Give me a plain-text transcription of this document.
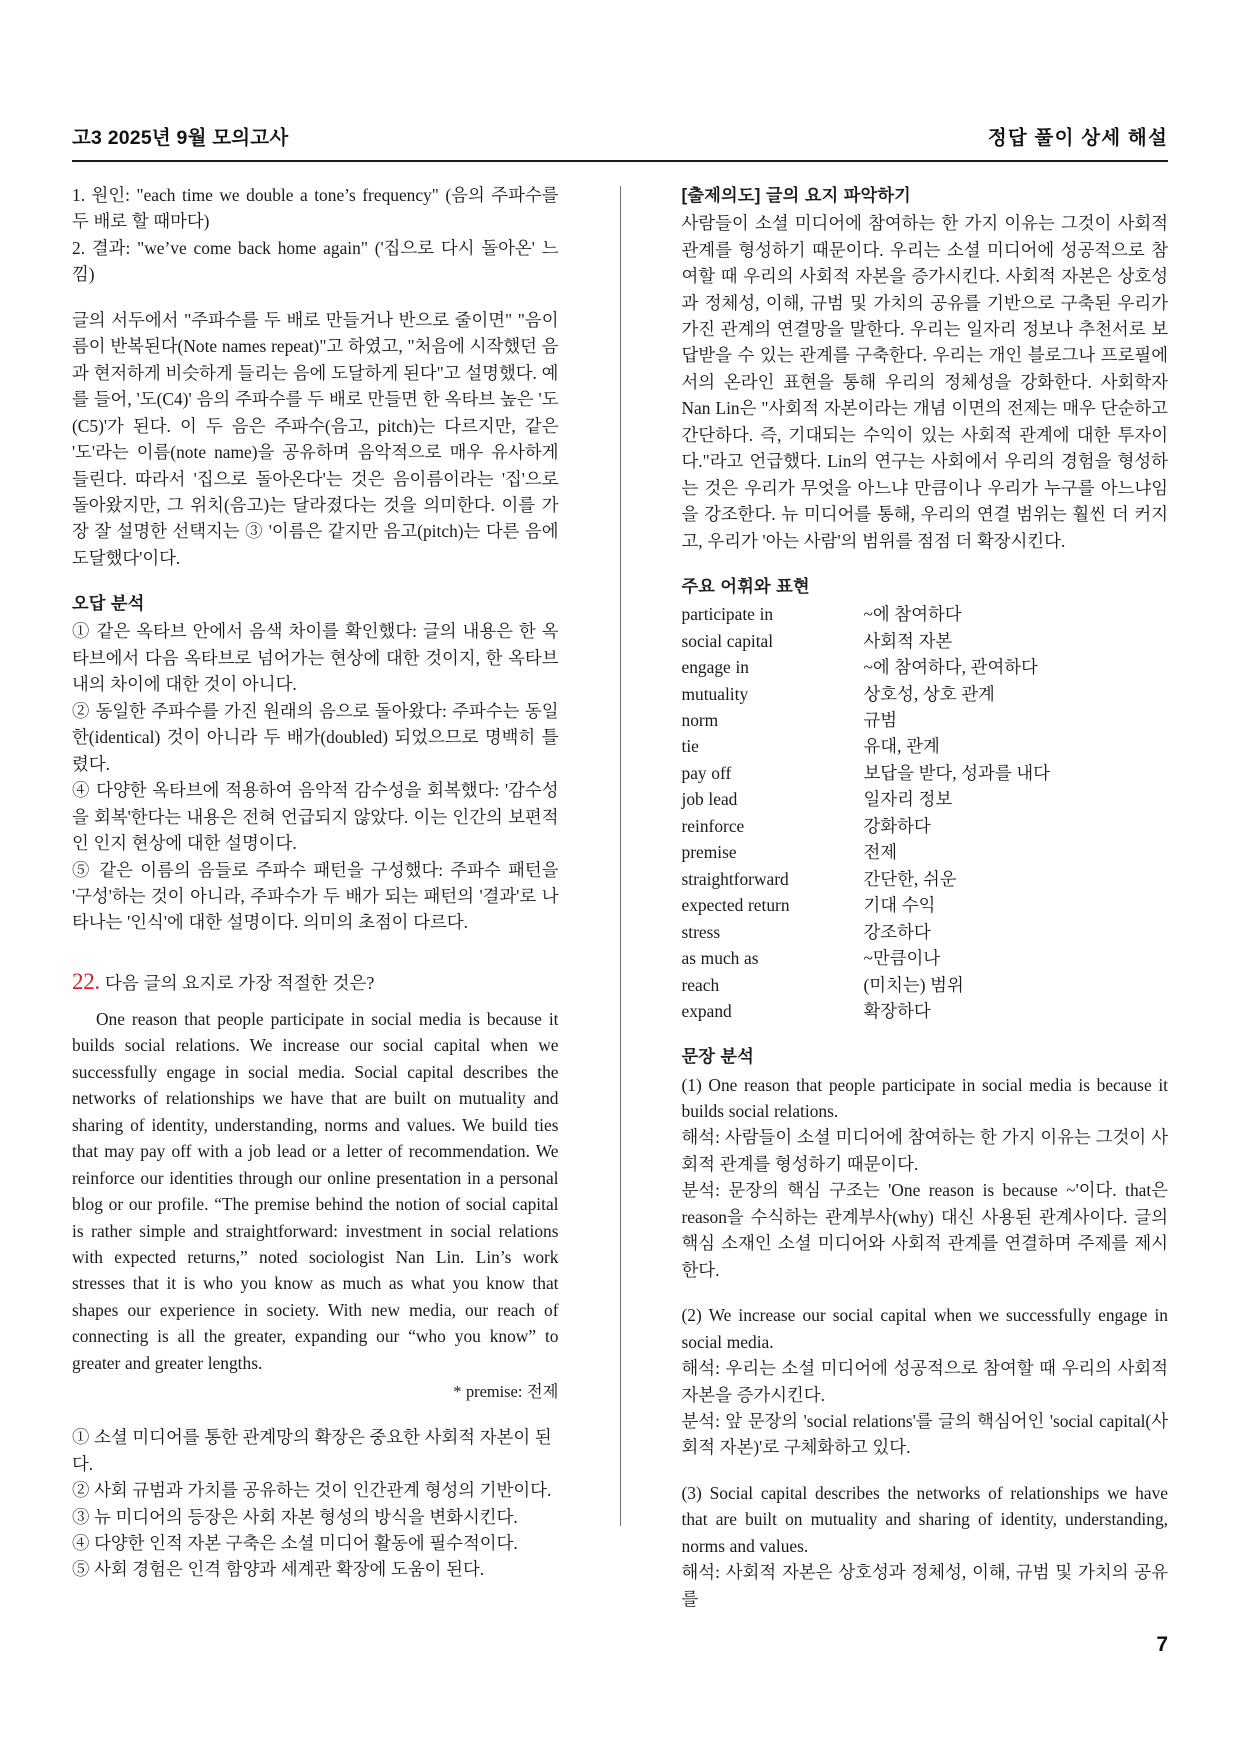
고3 2025년 9월 모의고사	정답 풀이 상세 해설

1. 원인: "each time we double a tone’s frequency" (음의 주파수를 두 배로 할 때마다)

2. 결과: "we’ve come back home again" ('집으로 다시 돌아온' 느낌)

글의 서두에서 "주파수를 두 배로 만들거나 반으로 줄이면" "음이름이 반복된다(Note names repeat)"고 하였고, "처음에 시작했던 음과 현저하게 비슷하게 들리는 음에 도달하게 된다"고 설명했다. 예를 들어, '도(C4)' 음의 주파수를 두 배로 만들면 한 옥타브 높은 '도(C5)'가 된다. 이 두 음은 주파수(음고, pitch)는 다르지만, 같은 '도'라는 이름(note name)을 공유하며 음악적으로 매우 유사하게 들린다. 따라서 '집으로 돌아온다'는 것은 음이름이라는 '집'으로 돌아왔지만, 그 위치(음고)는 달라졌다는 것을 의미한다. 이를 가장 잘 설명한 선택지는 ③ '이름은 같지만 음고(pitch)는 다른 음에 도달했다'이다.

오답 분석

① 같은 옥타브 안에서 음색 차이를 확인했다: 글의 내용은 한 옥타브에서 다음 옥타브로 넘어가는 현상에 대한 것이지, 한 옥타브 내의 차이에 대한 것이 아니다.

② 동일한 주파수를 가진 원래의 음으로 돌아왔다: 주파수는 동일한(identical) 것이 아니라 두 배가(doubled) 되었으므로 명백히 틀렸다.

④ 다양한 옥타브에 적용하여 음악적 감수성을 회복했다: '감수성을 회복'한다는 내용은 전혀 언급되지 않았다. 이는 인간의 보편적인 인지 현상에 대한 설명이다.

⑤ 같은 이름의 음들로 주파수 패턴을 구성했다: 주파수 패턴을 '구성'하는 것이 아니라, 주파수가 두 배가 되는 패턴의 '결과'로 나타나는 '인식'에 대한 설명이다. 의미의 초점이 다르다.

22. 다음 글의 요지로 가장 적절한 것은?

One reason that people participate in social media is because it builds social relations. We increase our social capital when we successfully engage in social media. Social capital describes the networks of relationships we have that are built on mutuality and sharing of identity, understanding, norms and values. We build ties that may pay off with a job lead or a letter of recommendation. We reinforce our identities through our online presentation in a personal blog or our profile. “The premise behind the notion of social capital is rather simple and straightforward: investment in social relations with expected returns,” noted sociologist Nan Lin. Lin’s work stresses that it is who you know as much as what you know that shapes our experience in society. With new media, our reach of connecting is all the greater, expanding our “who you know” to greater and greater lengths.

* premise: 전제

① 소셜 미디어를 통한 관계망의 확장은 중요한 사회적 자본이 된다.

② 사회 규범과 가치를 공유하는 것이 인간관계 형성의 기반이다.

③ 뉴 미디어의 등장은 사회 자본 형성의 방식을 변화시킨다.

④ 다양한 인적 자본 구축은 소셜 미디어 활동에 필수적이다.

⑤ 사회 경험은 인격 함양과 세계관 확장에 도움이 된다.

[출제의도] 글의 요지 파악하기

사람들이 소셜 미디어에 참여하는 한 가지 이유는 그것이 사회적 관계를 형성하기 때문이다. 우리는 소셜 미디어에 성공적으로 참여할 때 우리의 사회적 자본을 증가시킨다. 사회적 자본은 상호성과 정체성, 이해, 규범 및 가치의 공유를 기반으로 구축된 우리가 가진 관계의 연결망을 말한다. 우리는 일자리 정보나 추천서로 보답받을 수 있는 관계를 구축한다. 우리는 개인 블로그나 프로필에서의 온라인 표현을 통해 우리의 정체성을 강화한다. 사회학자 Nan Lin은 "사회적 자본이라는 개념 이면의 전제는 매우 단순하고 간단하다. 즉, 기대되는 수익이 있는 사회적 관계에 대한 투자이다."라고 언급했다. Lin의 연구는 사회에서 우리의 경험을 형성하는 것은 우리가 무엇을 아느냐 만큼이나 우리가 누구를 아느냐임을 강조한다. 뉴 미디어를 통해, 우리의 연결 범위는 훨씬 더 커지고, 우리가 '아는 사람'의 범위를 점점 더 확장시킨다.

주요 어휘와 표현

participate in	~에 참여하다
social capital	사회적 자본
engage in	~에 참여하다, 관여하다
mutuality	상호성, 상호 관계
norm	규범
tie	유대, 관계
pay off	보답을 받다, 성과를 내다
job lead	일자리 정보
reinforce	강화하다
premise	전제
straightforward	간단한, 쉬운
expected return	기대 수익
stress	강조하다
as much as	~만큼이나
reach	(미치는) 범위
expand	확장하다

문장 분석

(1) One reason that people participate in social media is because it builds social relations.

해석: 사람들이 소셜 미디어에 참여하는 한 가지 이유는 그것이 사회적 관계를 형성하기 때문이다.

분석: 문장의 핵심 구조는 'One reason is because ~'이다. that은 reason을 수식하는 관계부사(why) 대신 사용된 관계사이다. 글의 핵심 소재인 소셜 미디어와 사회적 관계를 연결하며 주제를 제시한다.

(2) We increase our social capital when we successfully engage in social media.

해석: 우리는 소셜 미디어에 성공적으로 참여할 때 우리의 사회적 자본을 증가시킨다.

분석: 앞 문장의 'social relations'를 글의 핵심어인 'social capital(사회적 자본)'로 구체화하고 있다.

(3) Social capital describes the networks of relationships we have that are built on mutuality and sharing of identity, understanding, norms and values.

해석: 사회적 자본은 상호성과 정체성, 이해, 규범 및 가치의 공유를

7
